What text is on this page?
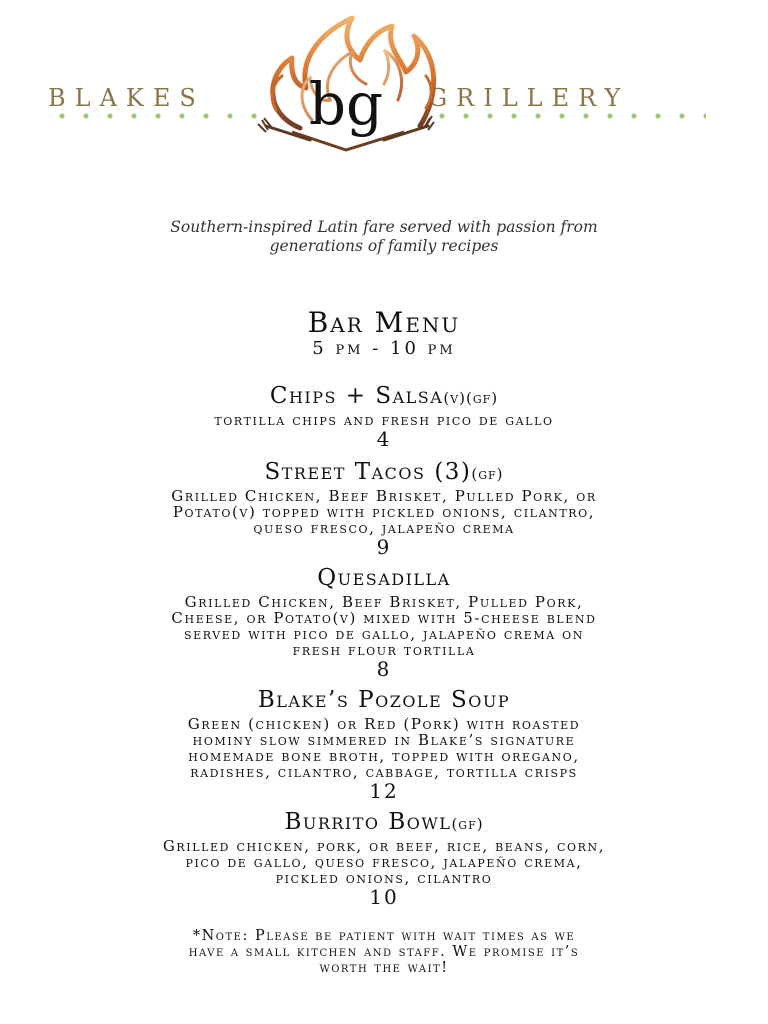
BLAKES	GRILLERY
bg
Southern-inspired Latin fare served with passion from
generations of family recipes
Bar Menu
5 pm - 10 pm
Chips + Salsa(v)(gf)
tortilla chips and fresh pico de gallo
4
Street Tacos (3)(gf)
Grilled Chicken, Beef Brisket, Pulled Pork, or
Potato(v) topped with pickled onions, cilantro,
queso fresco, jalapeño crema
9
Quesadilla
Grilled Chicken, Beef Brisket, Pulled Pork,
Cheese, or Potato(v) mixed with 5-cheese blend
served with pico de gallo, jalapeño crema on
fresh flour tortilla
8
Blake’s Pozole Soup
Green (chicken) or Red (Pork) with roasted
hominy slow simmered in Blake’s signature
homemade bone broth, topped with oregano,
radishes, cilantro, cabbage, tortilla crisps
12
Burrito Bowl(gf)
Grilled chicken, pork, or beef, rice, beans, corn,
pico de gallo, queso fresco, jalapeño crema,
pickled onions, cilantro
10
*Note: Please be patient with wait times as we
have a small kitchen and staff. We promise it’s
worth the wait!
